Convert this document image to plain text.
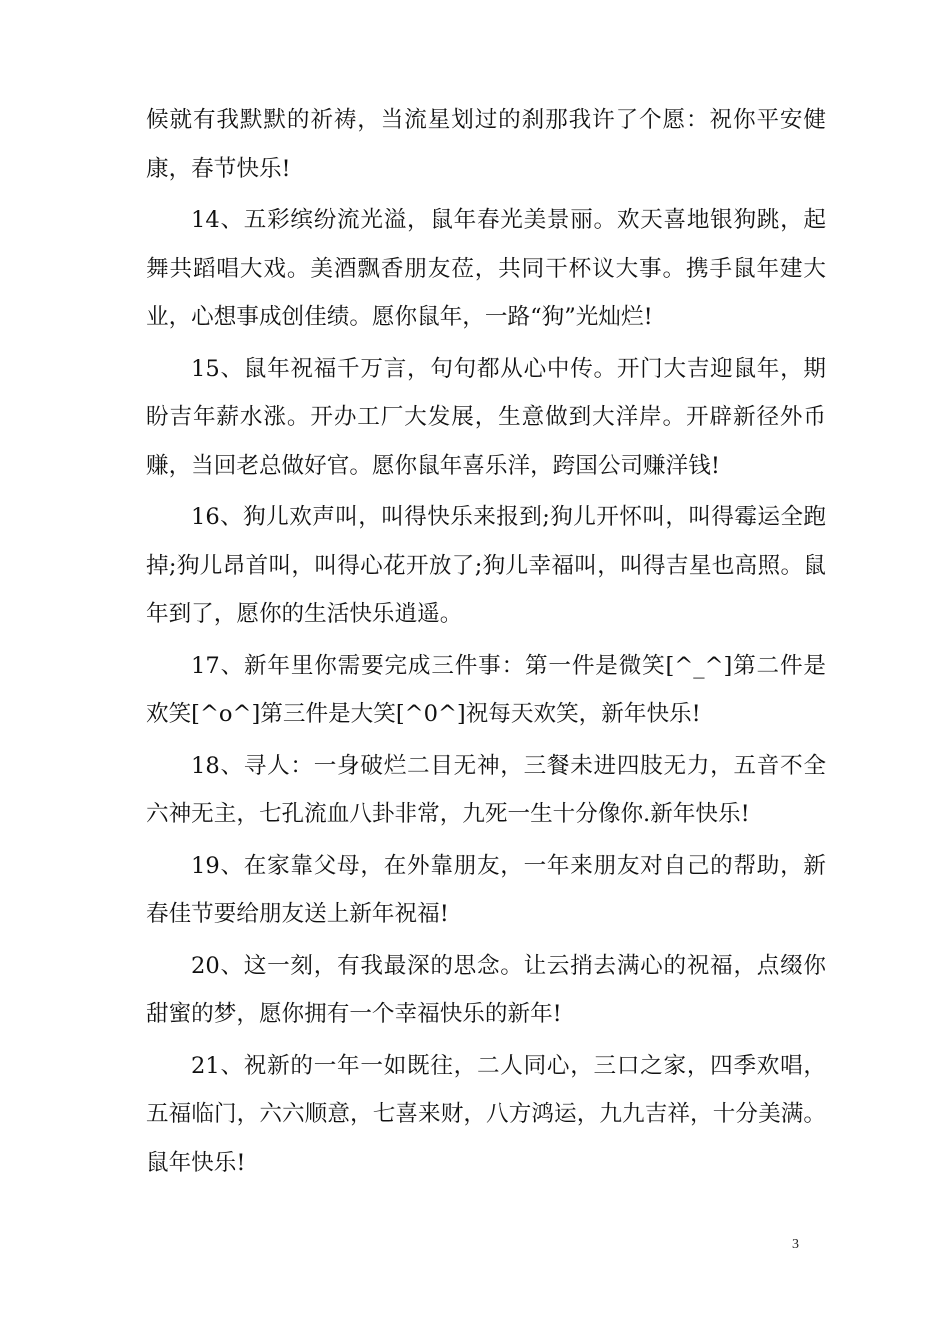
候就有我默默的祈祷，当流星划过的刹那我许了个愿：祝你平安健康，春节快乐!

14、五彩缤纷流光溢，鼠年春光美景丽。欢天喜地银狗跳，起舞共蹈唱大戏。美酒飘香朋友莅，共同干杯议大事。携手鼠年建大业，心想事成创佳绩。愿你鼠年，一路“狗”光灿烂!

15、鼠年祝福千万言，句句都从心中传。开门大吉迎鼠年，期盼吉年薪水涨。开办工厂大发展，生意做到大洋岸。开辟新径外币赚，当回老总做好官。愿你鼠年喜乐洋，跨国公司赚洋钱!

16、狗儿欢声叫，叫得快乐来报到;狗儿开怀叫，叫得霉运全跑掉;狗儿昂首叫，叫得心花开放了;狗儿幸福叫，叫得吉星也高照。鼠年到了，愿你的生活快乐逍遥。

17、新年里你需要完成三件事：第一件是微笑[^_^]第二件是欢笑[^o^]第三件是大笑[^0^]祝每天欢笑，新年快乐!

18、寻人：一身破烂二目无神，三餐未进四肢无力，五音不全六神无主，七孔流血八卦非常，九死一生十分像你.新年快乐!

19、在家靠父母，在外靠朋友，一年来朋友对自己的帮助，新春佳节要给朋友送上新年祝福!

20、这一刻，有我最深的思念。让云捎去满心的祝福，点缀你甜蜜的梦，愿你拥有一个幸福快乐的新年!

21、祝新的一年一如既往，二人同心，三口之家，四季欢唱，五福临门，六六顺意，七喜来财，八方鸿运，九九吉祥，十分美满。鼠年快乐!

3
